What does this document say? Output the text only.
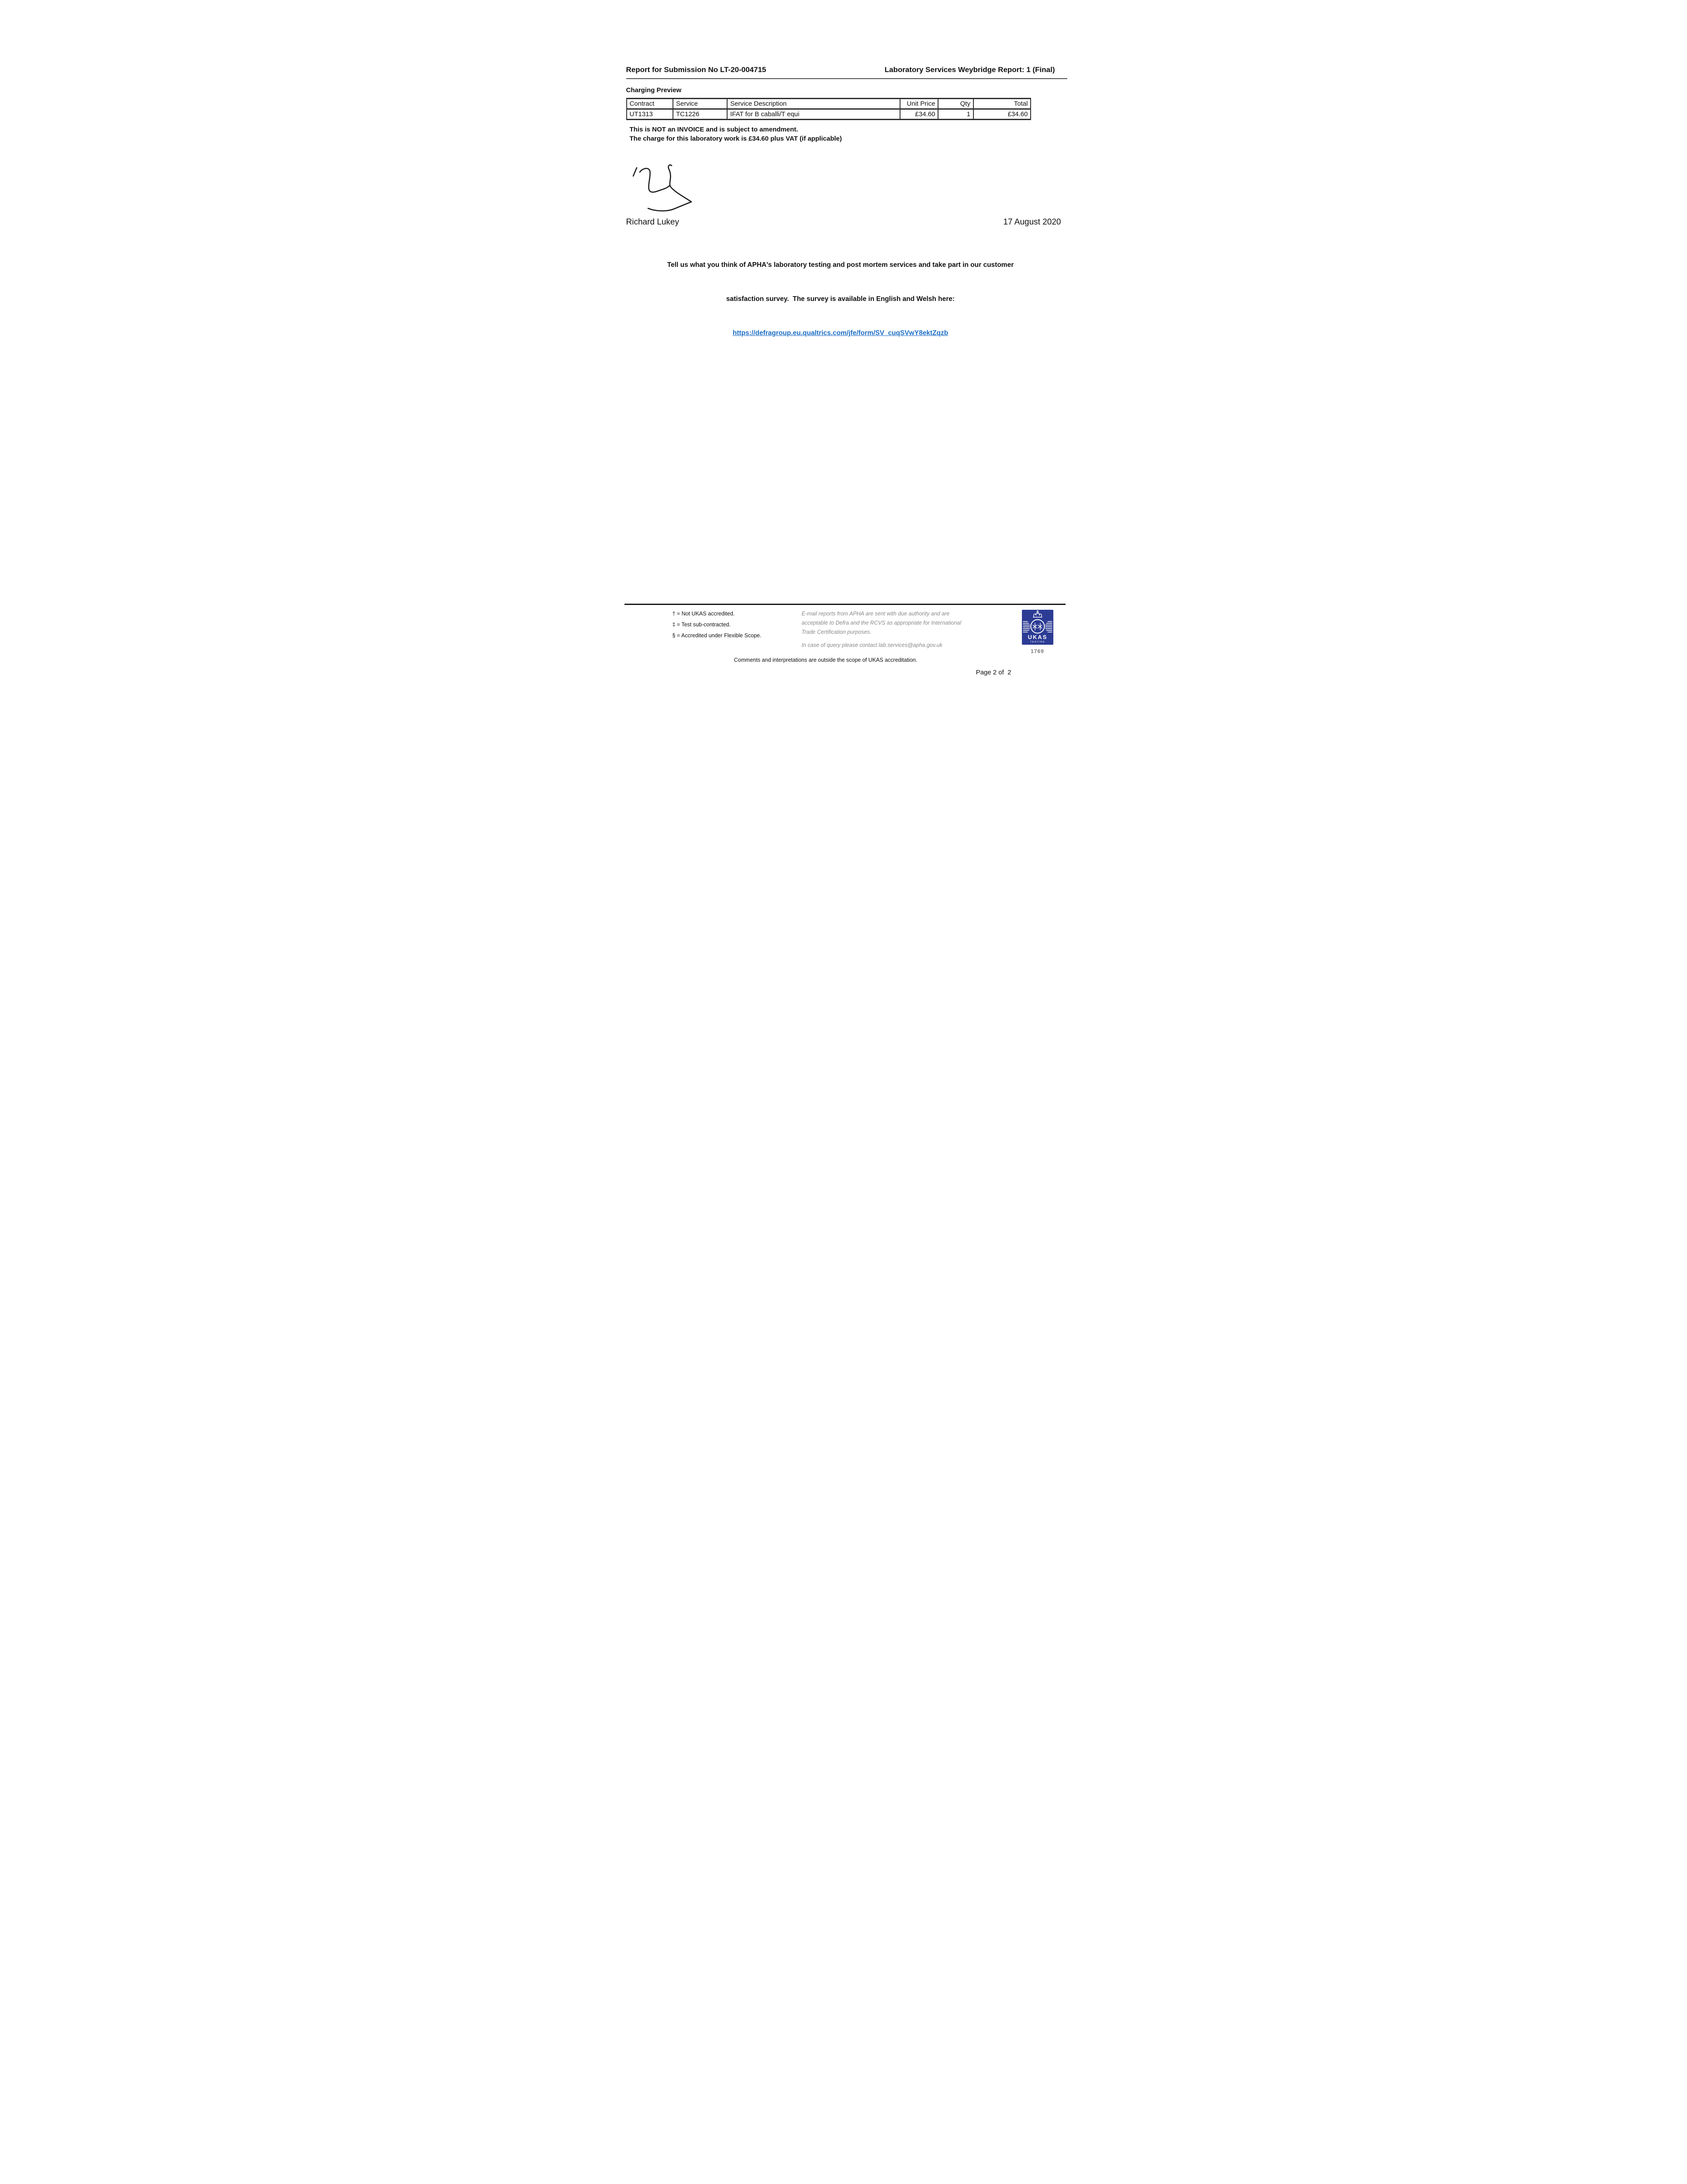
Report for Submission No LT-20-004715	Laboratory Services Weybridge Report: 1 (Final)
Charging Preview
Contract	Service	Service Description	Unit Price	Qty	Total
UT1313	TC1226	IFAT for B caballi/T equi	£34.60	1	£34.60
This is NOT an INVOICE and is subject to amendment.
The charge for this laboratory work is £34.60 plus VAT (if applicable)
Richard Lukey	17 August 2020

Tell us what you think of APHA's laboratory testing and post mortem services and take part in our customer

satisfaction survey.  The survey is available in English and Welsh here:

https://defragroup.eu.qualtrics.com/jfe/form/SV_cuqSVwY8ektZqzb
† = Not UKAS accredited.
‡ = Test sub-contracted.
§ = Accredited under Flexible Scope.
E-mail reports from APHA are sent with due authority and are
acceptable to Defra and the RCVS as appropriate for International
Trade Certification purposes.
In case of query please contact lab.services@apha.gov.uk
UKAS
TESTING
1769
Comments and interpretations are outside the scope of UKAS accreditation.
Page 2 of  2
